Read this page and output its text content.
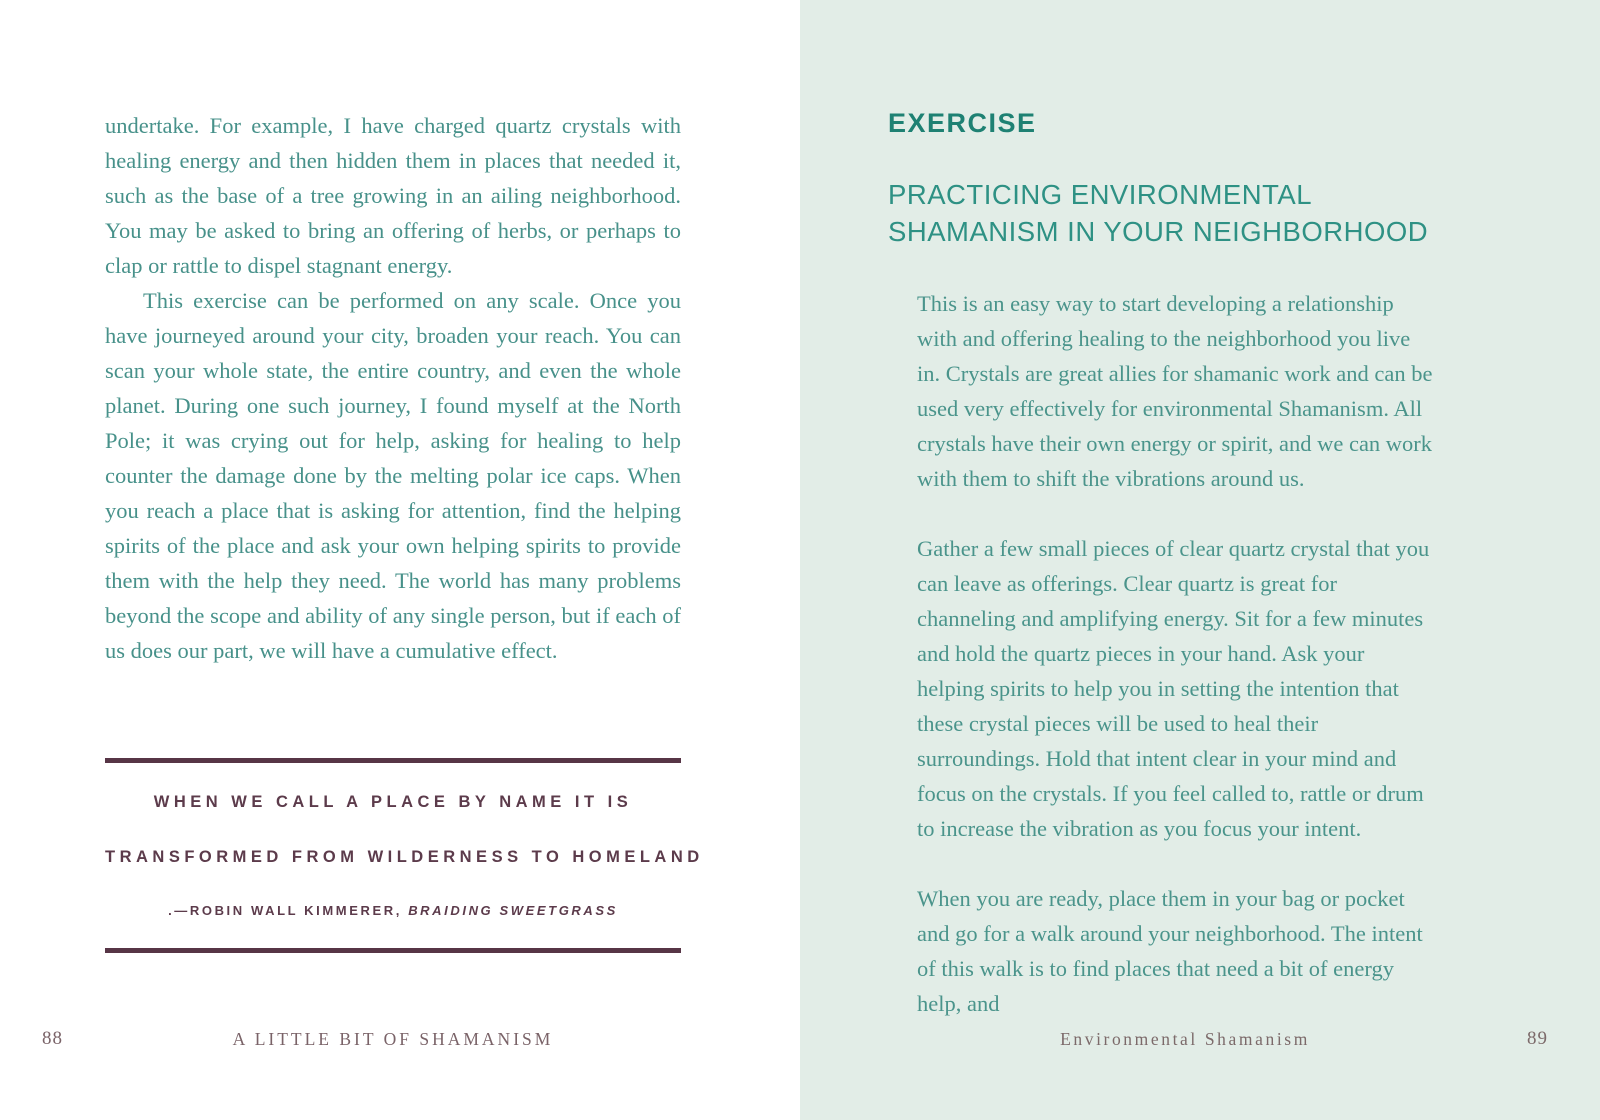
undertake. For example, I have charged quartz crystals with healing energy and then hidden them in places that needed it, such as the base of a tree growing in an ailing neighborhood. You may be asked to bring an offering of herbs, or perhaps to clap or rattle to dispel stagnant energy.

This exercise can be performed on any scale. Once you have journeyed around your city, broaden your reach. You can scan your whole state, the entire country, and even the whole planet. During one such journey, I found myself at the North Pole; it was crying out for help, asking for healing to help counter the damage done by the melting polar ice caps. When you reach a place that is asking for attention, find the helping spirits of the place and ask your own helping spirits to provide them with the help they need. The world has many problems beyond the scope and ability of any single person, but if each of us does our part, we will have a cumulative effect.

WHEN WE CALL A PLACE BY NAME IT IS
TRANSFORMED FROM WILDERNESS TO HOMELAND
.—ROBIN WALL KIMMERER, BRAIDING SWEETGRASS
88	A LITTLE BIT OF SHAMANISM
EXERCISE
PRACTICING ENVIRONMENTAL SHAMANISM IN YOUR NEIGHBORHOOD

This is an easy way to start developing a relationship with and offering healing to the neighborhood you live in. Crystals are great allies for shamanic work and can be used very effectively for environmental Shamanism. All crystals have their own energy or spirit, and we can work with them to shift the vibrations around us.

Gather a few small pieces of clear quartz crystal that you can leave as offerings. Clear quartz is great for channeling and amplifying energy. Sit for a few minutes and hold the quartz pieces in your hand. Ask your helping spirits to help you in setting the intention that these crystal pieces will be used to heal their surroundings. Hold that intent clear in your mind and focus on the crystals. If you feel called to, rattle or drum to increase the vibration as you focus your intent.

When you are ready, place them in your bag or pocket and go for a walk around your neighborhood. The intent of this walk is to find places that need a bit of energy help, and

Environmental Shamanism	89
